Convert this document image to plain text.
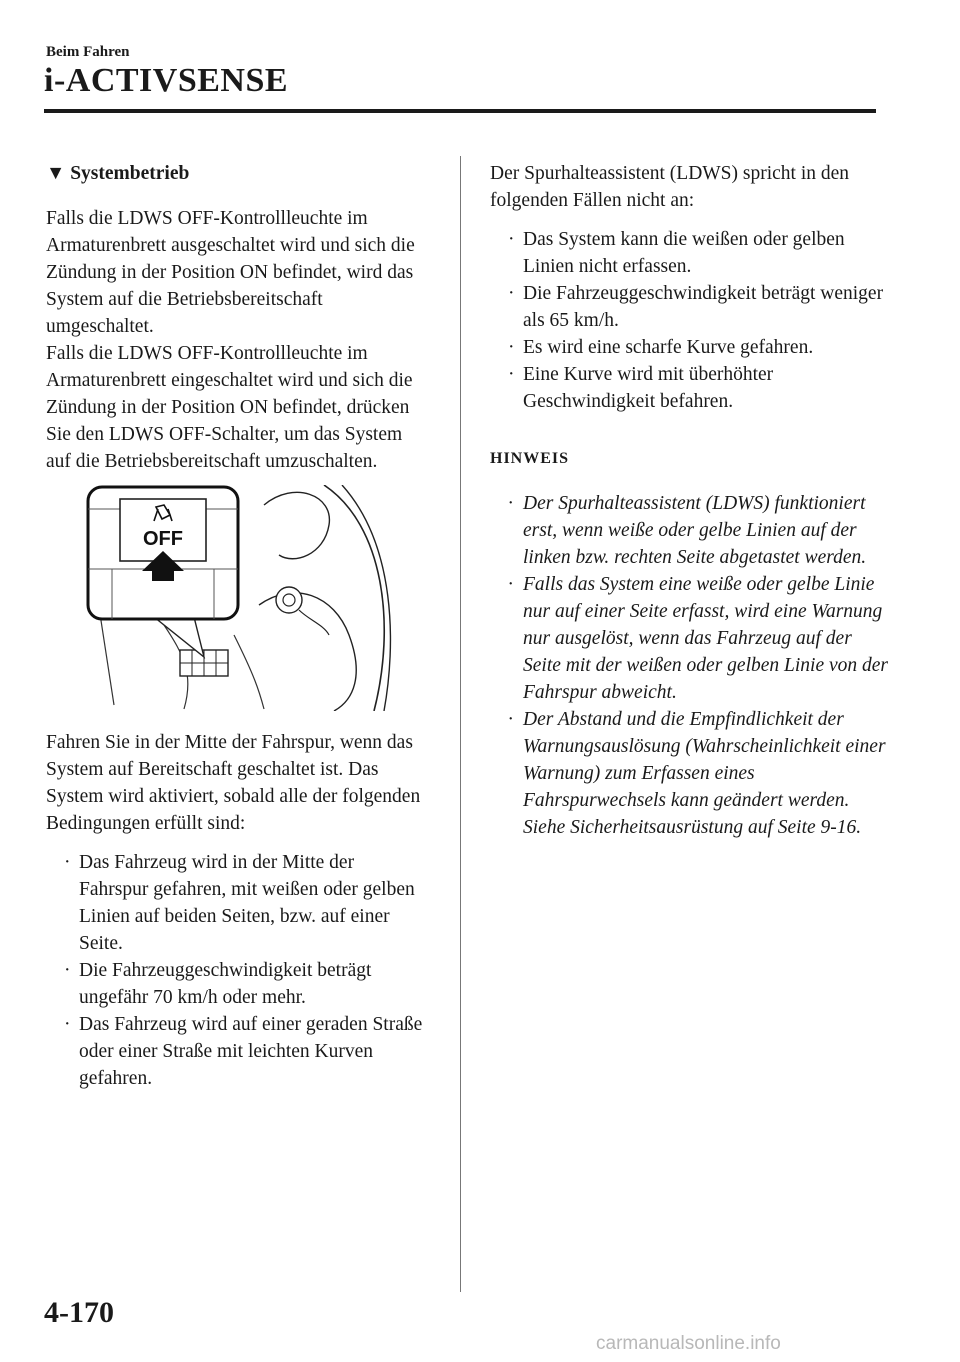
Beim Fahren
i-ACTIVSENSE
▼ Systembetrieb

Falls die LDWS OFF-Kontrollleuchte im Armaturenbrett ausgeschaltet wird und sich die Zündung in der Position ON befindet, wird das System auf die Betriebsbereitschaft umgeschaltet.

Falls die LDWS OFF-Kontrollleuchte im Armaturenbrett eingeschaltet wird und sich die Zündung in der Position ON befindet, drücken Sie den LDWS OFF-Schalter, um das System auf die Betriebsbereitschaft umzuschalten.

OFF

Fahren Sie in der Mitte der Fahrspur, wenn das System auf Bereitschaft geschaltet ist. Das System wird aktiviert, sobald alle der folgenden Bedingungen erfüllt sind:

· Das Fahrzeug wird in der Mitte der Fahrspur gefahren, mit weißen oder gelben Linien auf beiden Seiten, bzw. auf einer Seite.
· Die Fahrzeuggeschwindigkeit beträgt ungefähr 70 km/h oder mehr.
· Das Fahrzeug wird auf einer geraden Straße oder einer Straße mit leichten Kurven gefahren.

Der Spurhalteassistent (LDWS) spricht in den folgenden Fällen nicht an:

· Das System kann die weißen oder gelben Linien nicht erfassen.
· Die Fahrzeuggeschwindigkeit beträgt weniger als 65 km/h.
· Es wird eine scharfe Kurve gefahren.
· Eine Kurve wird mit überhöhter Geschwindigkeit befahren.
HINWEIS
· Der Spurhalteassistent (LDWS) funktioniert erst, wenn weiße oder gelbe Linien auf der linken bzw. rechten Seite abgetastet werden.
· Falls das System eine weiße oder gelbe Linie nur auf einer Seite erfasst, wird eine Warnung nur ausgelöst, wenn das Fahrzeug auf der Seite mit der weißen oder gelben Linie von der Fahrspur abweicht.
· Der Abstand und die Empfindlichkeit der Warnungsauslösung (Wahrscheinlichkeit einer Warnung) zum Erfassen eines Fahrspurwechsels kann geändert werden.
Siehe Sicherheitsausrüstung auf Seite 9-16.
4-170
carmanualsonline.info
